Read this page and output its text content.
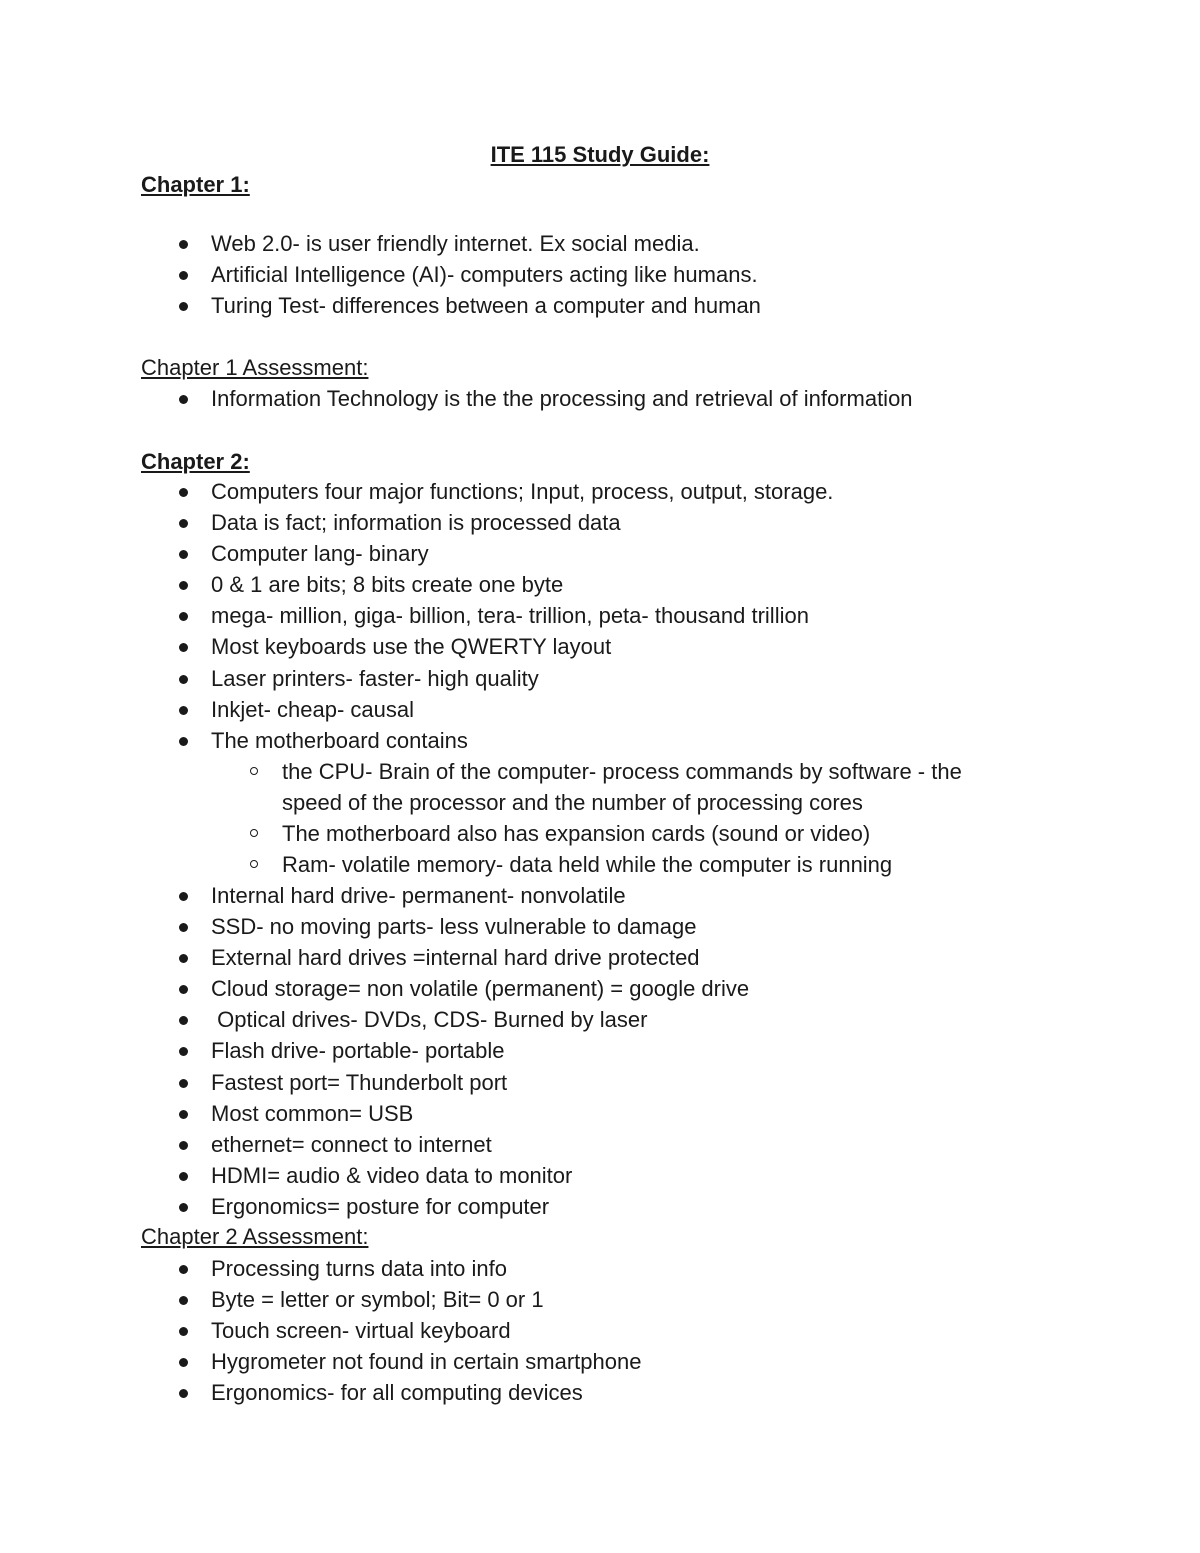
ITE 115 Study Guide:
Chapter 1:
Web 2.0- is user friendly internet. Ex social media.
Artificial Intelligence (AI)- computers acting like humans.
Turing Test- differences between a computer and human
Chapter 1 Assessment:
Information Technology is the the processing and retrieval of information
Chapter 2:
Computers four major functions; Input, process, output, storage.
Data is fact; information is processed data
Computer lang- binary
0 & 1 are bits; 8 bits create one byte
mega- million, giga- billion, tera- trillion, peta- thousand trillion
Most keyboards use the QWERTY layout
Laser printers- faster- high quality
Inkjet- cheap- causal
The motherboard contains
the CPU- Brain of the computer- process commands by software - the speed of the processor and the number of processing cores
The motherboard also has expansion cards (sound or video)
Ram- volatile memory- data held while the computer is running
Internal hard drive- permanent- nonvolatile
SSD- no moving parts- less vulnerable to damage
External hard drives =internal hard drive protected
Cloud storage= non volatile (permanent) = google drive
Optical drives- DVDs, CDS- Burned by laser
Flash drive- portable- portable
Fastest port= Thunderbolt port
Most common= USB
ethernet= connect to internet
HDMI= audio & video data to monitor
Ergonomics= posture for computer
Chapter 2 Assessment:
Processing turns data into info
Byte = letter or symbol; Bit= 0 or 1
Touch screen- virtual keyboard
Hygrometer not found in certain smartphone
Ergonomics- for all computing devices
